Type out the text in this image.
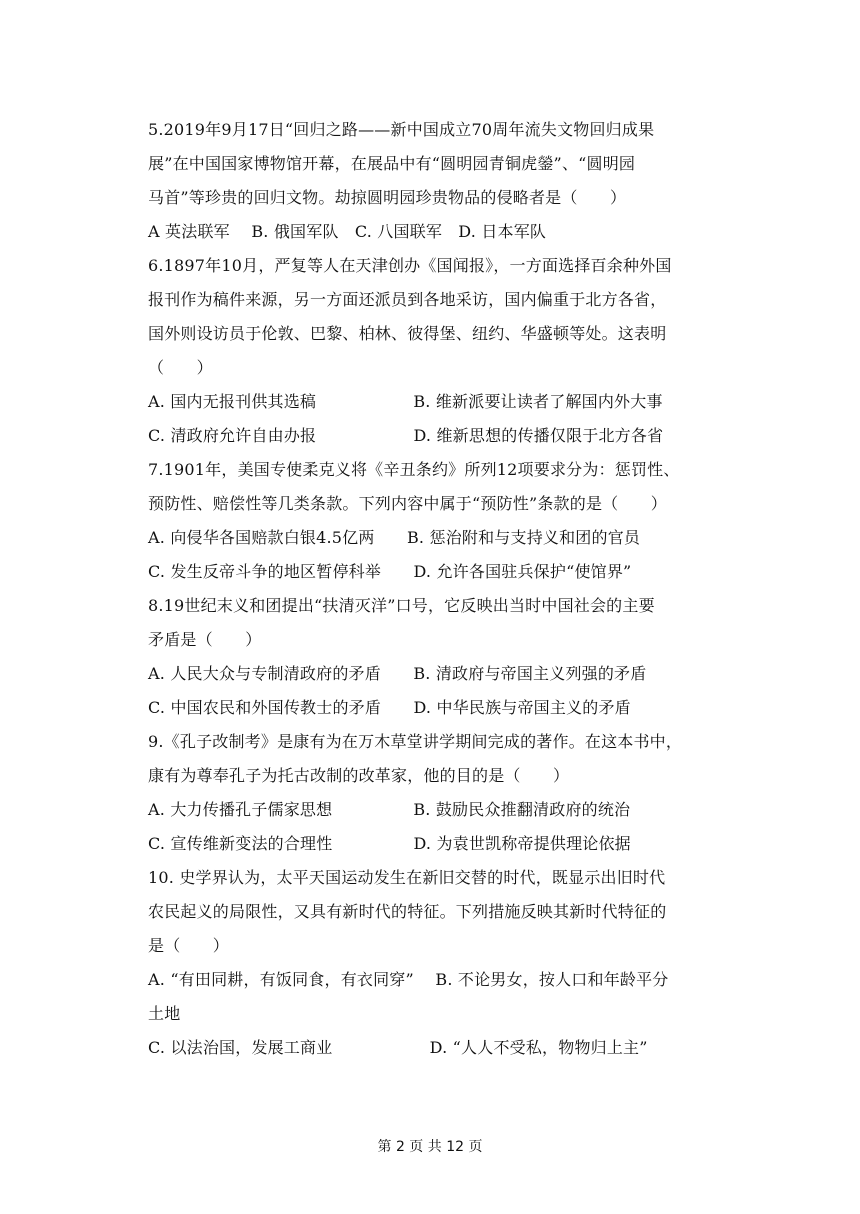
5.2019年9月17日“回归之路——新中国成立70周年流失文物回归成果
展”在中国国家博物馆开幕，在展品中有“圆明园青铜虎鎣”、“圆明园
马首”等珍贵的回归文物。劫掠圆明园珍贵物品的侵略者是（　　）
A 英法联军　 B. 俄国军队　C. 八国联军　D. 日本军队
6.1897年10月，严复等人在天津创办《国闻报》，一方面选择百余种外国
报刊作为稿件来源，另一方面还派员到各地采访，国内偏重于北方各省，
国外则设访员于伦敦、巴黎、柏林、彼得堡、纽约、华盛顿等处。这表明
（　　）
A. 国内无报刊供其选稿　　　　　　B. 维新派要让读者了解国内外大事
C. 清政府允许自由办报　　　　　　D. 维新思想的传播仅限于北方各省
7.1901年，美国专使柔克义将《辛丑条约》所列12项要求分为：惩罚性、
预防性、赔偿性等几类条款。下列内容中属于“预防性”条款的是（　　）
A. 向侵华各国赔款白银4.5亿两　　B. 惩治附和与支持义和团的官员
C. 发生反帝斗争的地区暂停科举　　D. 允许各国驻兵保护“使馆界”
8.19世纪末义和团提出“扶清灭洋”口号，它反映出当时中国社会的主要
矛盾是（　　）
A. 人民大众与专制清政府的矛盾　　B. 清政府与帝国主义列强的矛盾
C. 中国农民和外国传教士的矛盾　　D. 中华民族与帝国主义的矛盾
9.《孔子改制考》是康有为在万木草堂讲学期间完成的著作。在这本书中，
康有为尊奉孔子为托古改制的改革家，他的目的是（　　）
A. 大力传播孔子儒家思想　　　　　B. 鼓励民众推翻清政府的统治
C. 宣传维新变法的合理性　　　　　D. 为袁世凯称帝提供理论依据
10. 史学界认为，太平天国运动发生在新旧交替的时代，既显示出旧时代
农民起义的局限性，又具有新时代的特征。下列措施反映其新时代特征的
是（　　）
A. “有田同耕，有饭同食，有衣同穿”　 B. 不论男女，按人口和年龄平分
土地
C. 以法治国，发展工商业　　　　　　D. “人人不受私，物物归上主”
第 2 页 共 12 页
